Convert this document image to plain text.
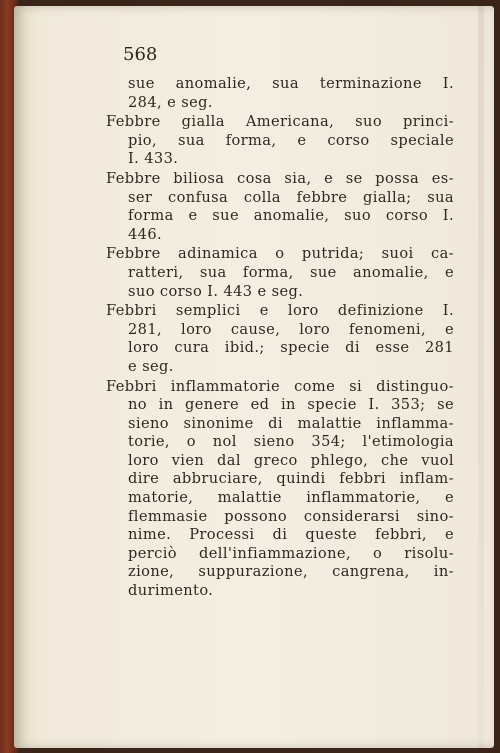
568
sue anomalie, sua terminazione I.
284, e seg.
Febbre gialla Americana, suo princi-
pio, sua forma, e corso speciale
I. 433.
Febbre biliosa cosa sia, e se possa es-
ser confusa colla febbre gialla; sua
forma e sue anomalie, suo corso I.
446.
Febbre adinamica o putrida; suoi ca-
ratteri, sua forma, sue anomalie, e
suo corso I. 443 e seg.
Febbri semplici e loro definizione I.
281, loro cause, loro fenomeni, e
loro cura ibid.; specie di esse 281
e seg.
Febbri inflammatorie come si distinguo-
no in genere ed in specie I. 353; se
sieno sinonime di malattie inflamma-
torie, o nol sieno 354; l'etimologia
loro vien dal greco phlego, che vuol
dire abbruciare, quindi febbri inflam-
matorie, malattie inflammatorie, e
flemmasie possono considerarsi sino-
nime. Processi di queste febbri, e
perciò dell'infiammazione, o risolu-
zione, suppurazione, cangrena, in-
durimento.
